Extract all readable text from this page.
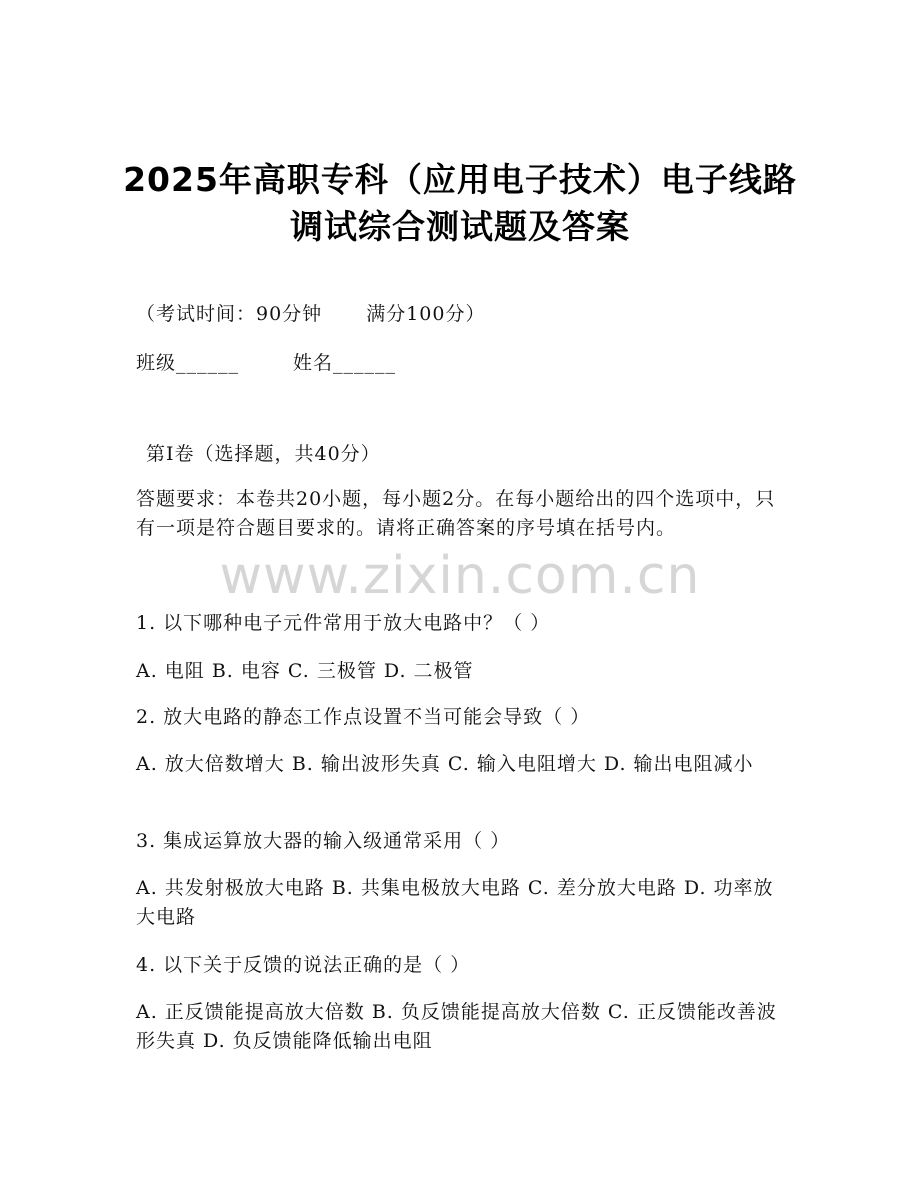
2025年高职专科（应用电子技术）电子线路
调试综合测试题及答案
（考试时间：90分钟 满分100分）
班级______	姓名______
第I卷（选择题，共40分）
答题要求：本卷共20小题，每小题2分。在每小题给出的四个选项中，只有一项是符合题目要求的。请将正确答案的序号填在括号内。
www.zixin.com.cn
1. 以下哪种电子元件常用于放大电路中？（ ）
A. 电阻 B. 电容 C. 三极管 D. 二极管
2. 放大电路的静态工作点设置不当可能会导致（ ）
A. 放大倍数增大 B. 输出波形失真 C. 输入电阻增大 D. 输出电阻减小
3. 集成运算放大器的输入级通常采用（ ）
A. 共发射极放大电路 B. 共集电极放大电路 C. 差分放大电路 D. 功率放大电路
4. 以下关于反馈的说法正确的是（ ）
A. 正反馈能提高放大倍数 B. 负反馈能提高放大倍数 C. 正反馈能改善波形失真 D. 负反馈能降低输出电阻
